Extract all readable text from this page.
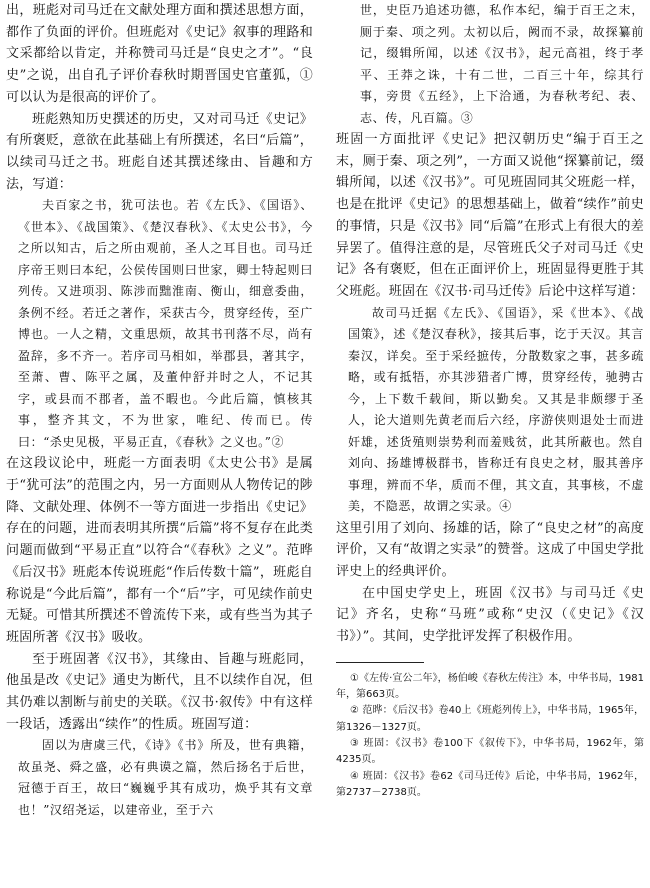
出，班彪对司马迁在文献处理方面和撰述思想方面，都作了负面的评价。但班彪对《史记》叙事的理路和文采都给以肯定，并称赞司马迁是“良史之才”。“良史”之说，出自孔子评价春秋时期晋国史官董狐，①可以认为是很高的评价了。

班彪熟知历史撰述的历史，又对司马迁《史记》有所褒贬，意欲在此基础上有所撰述，名曰“后篇”，以续司马迁之书。班彪自述其撰述缘由、旨趣和方法，写道：

夫百家之书，犹可法也。若《左氏》、《国语》、《世本》、《战国策》、《楚汉春秋》、《太史公书》，今之所以知古，后之所由观前，圣人之耳目也。司马迁序帝王则曰本纪，公侯传国则曰世家，卿士特起则曰列传。又进项羽、陈涉而黜淮南、衡山，细意委曲，条例不经。若迁之著作，采获古今，贯穿经传，至广博也。一人之精，文重思烦，故其书刊落不尽，尚有盈辞，多不齐一。若序司马相如，举郡县，著其字，至萧、曹、陈平之属，及董仲舒并时之人，不记其字，或县而不郡者，盖不暇也。今此后篇，慎核其事，整齐其文，不为世家，唯纪、传而已。传曰：“杀史见极，平易正直，《春秋》之义也。”②

在这段议论中，班彪一方面表明《太史公书》是属于“犹可法”的范围之内，另一方面则从人物传记的陟降、文献处理、体例不一等方面进一步指出《史记》存在的问题，进而表明其所撰“后篇”将不复存在此类问题而做到“平易正直”以符合“《春秋》之义”。范晔《后汉书》班彪本传说班彪“作后传数十篇”，班彪自称说是“今此后篇”，都有一个“后”字，可见续作前史无疑。可惜其所撰述不曾流传下来，或有些当为其子班固所著《汉书》吸收。

至于班固著《汉书》，其缘由、旨趣与班彪同，他虽是改《史记》通史为断代，且不以续作自况，但其仍难以割断与前史的关联。《汉书·叙传》中有这样一段话，透露出“续作”的性质。班固写道：

固以为唐虞三代，《诗》《书》所及，世有典籍，故虽尧、舜之盛，必有典谟之篇，然后扬名于后世，冠德于百王，故曰“巍巍乎其有成功，焕乎其有文章也！”汉绍尧运，以建帝业，至于六

世，史臣乃追述功德，私作本纪，编于百王之末，厕于秦、项之列。太初以后，阙而不录，故探纂前记，缀辑所闻，以述《汉书》，起元高祖，终于孝平、王莽之诛，十有二世，二百三十年，综其行事，旁贯《五经》，上下洽通，为春秋考纪、表、志、传，凡百篇。③

班固一方面批评《史记》把汉朝历史“编于百王之末，厕于秦、项之列”，一方面又说他“探纂前记，缀辑所闻，以述《汉书》”。可见班固同其父班彪一样，也是在批评《史记》的思想基础上，做着“续作”前史的事情，只是《汉书》同“后篇”在形式上有很大的差异罢了。值得注意的是，尽管班氏父子对司马迁《史记》各有褒贬，但在正面评价上，班固显得更胜于其父班彪。班固在《汉书·司马迁传》后论中这样写道：

故司马迁据《左氏》、《国语》，采《世本》、《战国策》，述《楚汉春秋》，接其后事，讫于天汉。其言秦汉，详矣。至于采经摭传，分散数家之事，甚多疏略，或有抵牾，亦其涉猎者广博，贯穿经传，驰骋古今，上下数千载间，斯以勤矣。又其是非颇缪于圣人，论大道则先黄老而后六经，序游侠则退处士而进奸雄，述货殖则崇势利而羞贱贫，此其所蔽也。然自刘向、扬雄博极群书，皆称迁有良史之材，服其善序事理，辨而不华，质而不俚，其文直，其事核，不虚美，不隐恶，故谓之实录。④

这里引用了刘向、扬雄的话，除了“良史之材”的高度评价，又有“故谓之实录”的赞誉。这成了中国史学批评史上的经典评价。

在中国史学史上，班固《汉书》与司马迁《史记》齐名，史称“马班”或称“史汉（《史记》《汉书》）”。其间，史学批评发挥了积极作用。

①《左传·宣公二年》，杨伯峻《春秋左传注》本，中华书局，1981年，第663页。

② 范晔：《后汉书》卷40上《班彪列传上》，中华书局，1965年，第1326－1327页。

③ 班固：《汉书》卷100下《叙传下》，中华书局，1962年，第4235页。

④ 班固：《汉书》卷62《司马迁传》后论，中华书局，1962年，第2737－2738页。
